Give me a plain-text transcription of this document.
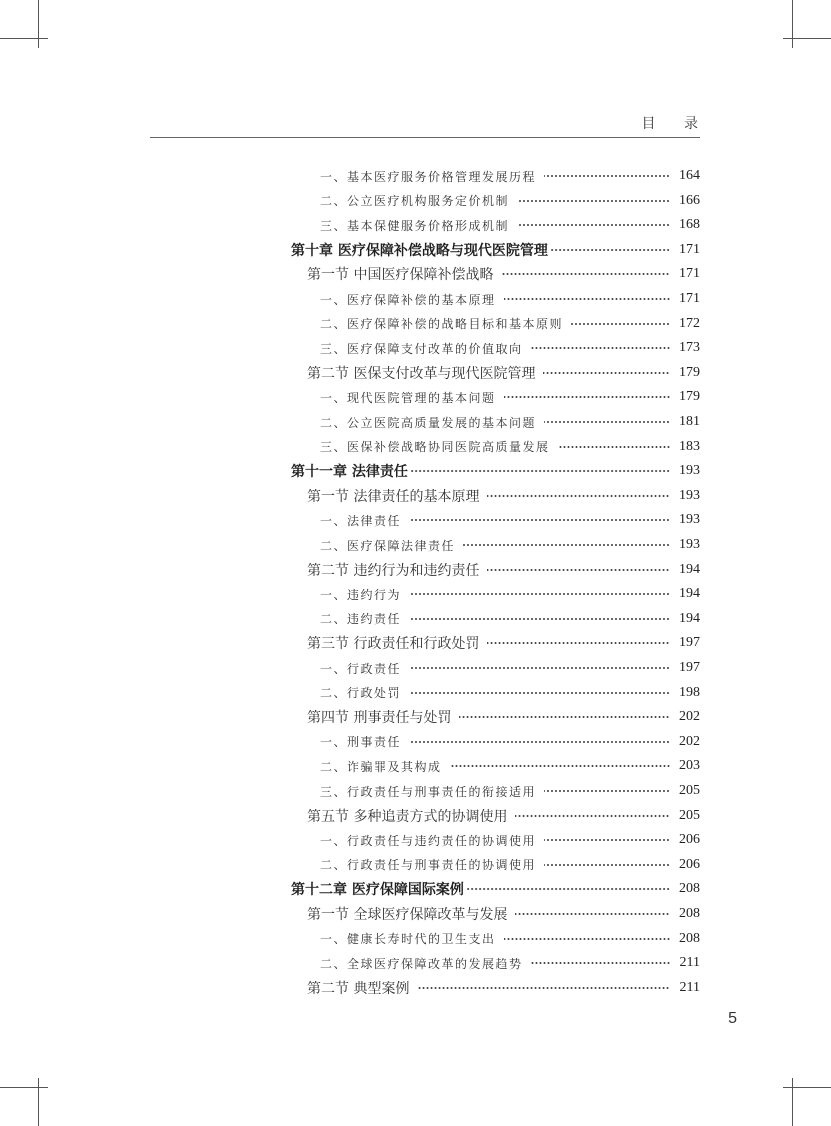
目 录
一、基本医疗服务价格管理发展历程	164
二、公立医疗机构服务定价机制	166
三、基本保健服务价格形成机制	168
第十章 医疗保障补偿战略与现代医院管理	171
第一节 中国医疗保障补偿战略	171
一、医疗保障补偿的基本原理	171
二、医疗保障补偿的战略目标和基本原则	172
三、医疗保障支付改革的价值取向	173
第二节 医保支付改革与现代医院管理	179
一、现代医院管理的基本问题	179
二、公立医院高质量发展的基本问题	181
三、医保补偿战略协同医院高质量发展	183
第十一章 法律责任	193
第一节 法律责任的基本原理	193
一、法律责任	193
二、医疗保障法律责任	193
第二节 违约行为和违约责任	194
一、违约行为	194
二、违约责任	194
第三节 行政责任和行政处罚	197
一、行政责任	197
二、行政处罚	198
第四节 刑事责任与处罚	202
一、刑事责任	202
二、诈骗罪及其构成	203
三、行政责任与刑事责任的衔接适用	205
第五节 多种追责方式的协调使用	205
一、行政责任与违约责任的协调使用	206
二、行政责任与刑事责任的协调使用	206
第十二章 医疗保障国际案例	208
第一节 全球医疗保障改革与发展	208
一、健康长寿时代的卫生支出	208
二、全球医疗保障改革的发展趋势	211
第二节 典型案例	211
5
